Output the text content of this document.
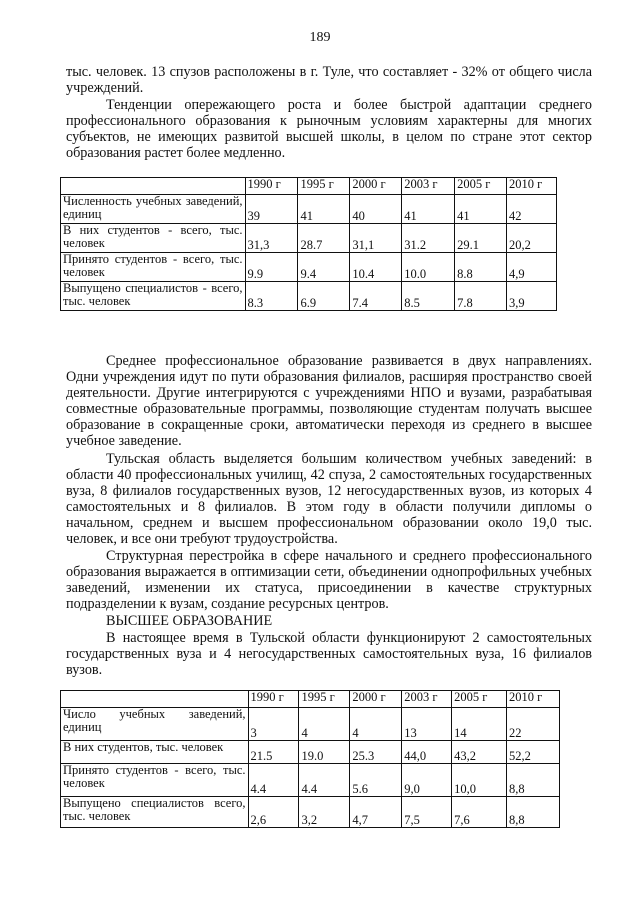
189

тыс. человек. 13 спузов расположены в г. Туле, что составляет - 32% от общего числа учреждений.

Тенденции опережающего роста и более быстрой адаптации среднего профессионального образования к рыночным условиям характерны для многих субъектов, не имеющих развитой высшей школы, в целом по стране этот сектор образования растет более медленно.

	1990 г	1995 г	2000 г	2003 г	2005 г	2010 г
Численность учебных заведений, единиц	39	41	40	41	41	42
В них студентов - всего, тыс. человек	31,3	28.7	31,1	31.2	29.1	20,2
Принято студентов - всего, тыс. человек	9.9	9.4	10.4	10.0	8.8	4,9
Выпущено специалистов - всего, тыс. человек	8.3	6.9	7.4	8.5	7.8	3,9

Среднее профессиональное образование развивается в двух направлениях. Одни учреждения идут по пути образования филиалов, расширяя пространство своей деятельности. Другие интегрируются с учреждениями НПО и вузами, разрабатывая совместные образовательные программы, позволяющие студентам получать высшее образование в сокращенные сроки, автоматически переходя из среднего в высшее учебное заведение.

Тульская область выделяется большим количеством учебных заведений: в области 40 профессиональных училищ, 42 спуза, 2 самостоятельных государственных вуза, 8 филиалов государственных вузов, 12 негосударственных вузов, из которых 4 самостоятельных и 8 филиалов. В этом году в области получили дипломы о начальном, среднем и высшем профессиональном образовании около 19,0 тыс. человек, и все они требуют трудоустройства.

Структурная перестройка в сфере начального и среднего профессионального образования выражается в оптимизации сети, объединении однопрофильных учебных заведений, изменении их статуса, присоединении в качестве структурных подразделении к вузам, создание ресурсных центров.

ВЫСШЕЕ ОБРАЗОВАНИЕ

В настоящее время в Тульской области функционируют 2 самостоятельных государственных вуза и 4 негосударственных самостоятельных вуза, 16 филиалов вузов.

	1990 г	1995 г	2000 г	2003 г	2005 г	2010 г
Число учебных заведений, единиц	3	4	4	13	14	22
В них студентов, тыс. человек	21.5	19.0	25.3	44,0	43,2	52,2
Принято студентов - всего, тыс. человек	4.4	4.4	5.6	9,0	10,0	8,8
Выпущено специалистов всего, тыс. человек	2,6	3,2	4,7	7,5	7,6	8,8
